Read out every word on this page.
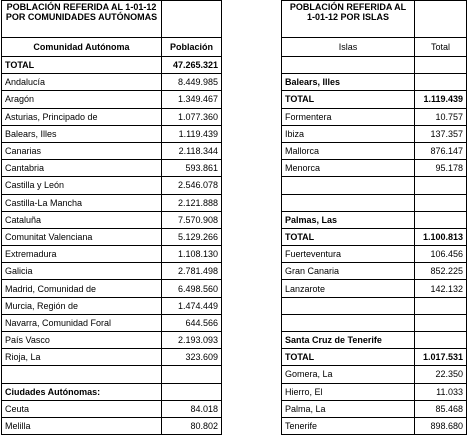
POBLACIÓN REFERIDA AL 1-01-12 POR COMUNIDADES AUTÓNOMAS	
Comunidad Autónoma	Población
TOTAL	47.265.321
Andalucía	8.449.985
Aragón	1.349.467
Asturias, Principado de	1.077.360
Balears, Illes	1.119.439
Canarias	2.118.344
Cantabria	593.861
Castilla y León	2.546.078
Castilla-La Mancha	2.121.888
Cataluña	7.570.908
Comunitat Valenciana	5.129.266
Extremadura	1.108.130
Galicia	2.781.498
Madrid, Comunidad de	6.498.560
Murcia, Región de	1.474.449
Navarra, Comunidad Foral	644.566
País Vasco	2.193.093
Rioja, La	323.609

Ciudades Autónomas:	
Ceuta	84.018
Melilla	80.802
POBLACIÓN REFERIDA AL 1-01-12 POR ISLAS	
Islas	Total

Balears, Illes	
TOTAL	1.119.439
Formentera	10.757
Ibiza	137.357
Mallorca	876.147
Menorca	95.178

Palmas, Las	
TOTAL	1.100.813
Fuerteventura	106.456
Gran Canaria	852.225
Lanzarote	142.132

Santa Cruz de Tenerife	
TOTAL	1.017.531
Gomera, La	22.350
Hierro, El	11.033
Palma, La	85.468
Tenerife	898.680
